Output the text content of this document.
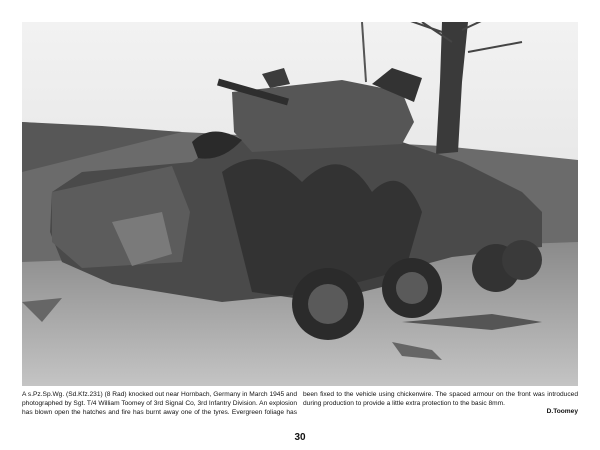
A s.Pz.Sp.Wg. (Sd.Kfz.231) (8 Rad) knocked out near Hornbach, Germany in March 1945 and photographed by Sgt. T/4 William Toomey of 3rd Signal Co, 3rd Infantry Division. An explosion has blown open the hatches and fire has burnt away one of the tyres. Evergreen foliage has been fixed to the vehicle using chickenwire. The spaced armour on the front was introduced during production to provide a little extra protection to the basic 8mm.

D.Toomey
30
